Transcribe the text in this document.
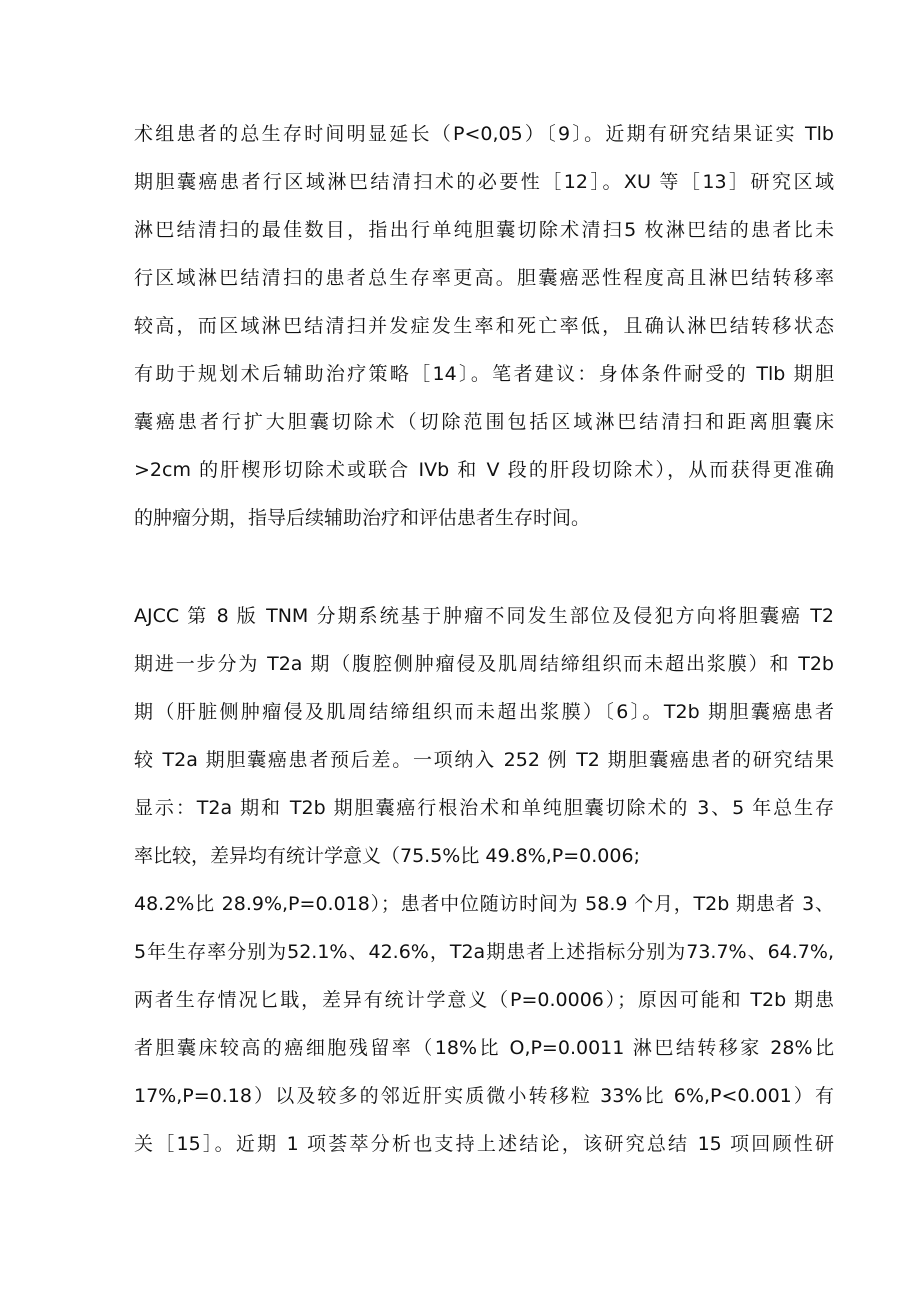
术组患者的总生存时间明显延长（P<0,05）〔9〕。近期有研究结果证实 Tlb
期胆囊癌患者行区域淋巴结清扫术的必要性［12］。XU 等［13］研究区域
淋巴结清扫的最佳数目，指出行单纯胆囊切除术清扫5 枚淋巴结的患者比未
行区域淋巴结清扫的患者总生存率更高。胆囊癌恶性程度高且淋巴结转移率
较高，而区域淋巴结清扫并发症发生率和死亡率低，且确认淋巴结转移状态
有助于规划术后辅助治疗策略［14〕。笔者建议：身体条件耐受的 Tlb 期胆
囊癌患者行扩大胆囊切除术（切除范围包括区域淋巴结清扫和距离胆囊床
>2cm 的肝楔形切除术或联合 IVb 和 V 段的肝段切除术），从而获得更准确
的肿瘤分期，指导后续辅助治疗和评估患者生存时间。
AJCC 第 8 版 TNM 分期系统基于肿瘤不同发生部位及侵犯方向将胆囊癌 T2
期进一步分为 T2a 期（腹腔侧肿瘤侵及肌周结缔组织而未超出浆膜）和 T2b
期（肝脏侧肿瘤侵及肌周结缔组织而未超出浆膜）〔6〕。T2b 期胆囊癌患者
较 T2a 期胆囊癌患者预后差。一项纳入 252 例 T2 期胆囊癌患者的研究结果
显示：T2a 期和 T2b 期胆囊癌行根治术和单纯胆囊切除术的 3、5 年总生存
率比较，差异均有统计学意义（75.5%比 49.8%,P=0.006;
48.2%比 28.9%,P=0.018）；患者中位随访时间为 58.9 个月，T2b 期患者 3、
5年生存率分别为52.1%、42.6%，T2a期患者上述指标分别为73.7%、64.7%,
两者生存情况匕戢，差异有统计学意义（P=0.0006）；原因可能和 T2b 期患
者胆囊床较高的癌细胞残留率（18%比 O,P=0.0011 淋巴结转移家 28%比
17%,P=0.18）以及较多的邻近肝实质微小转移粒 33%比 6%,P<0.001）有
关［15］。近期 1 项荟萃分析也支持上述结论，该研究总结 15 项回顾性研
